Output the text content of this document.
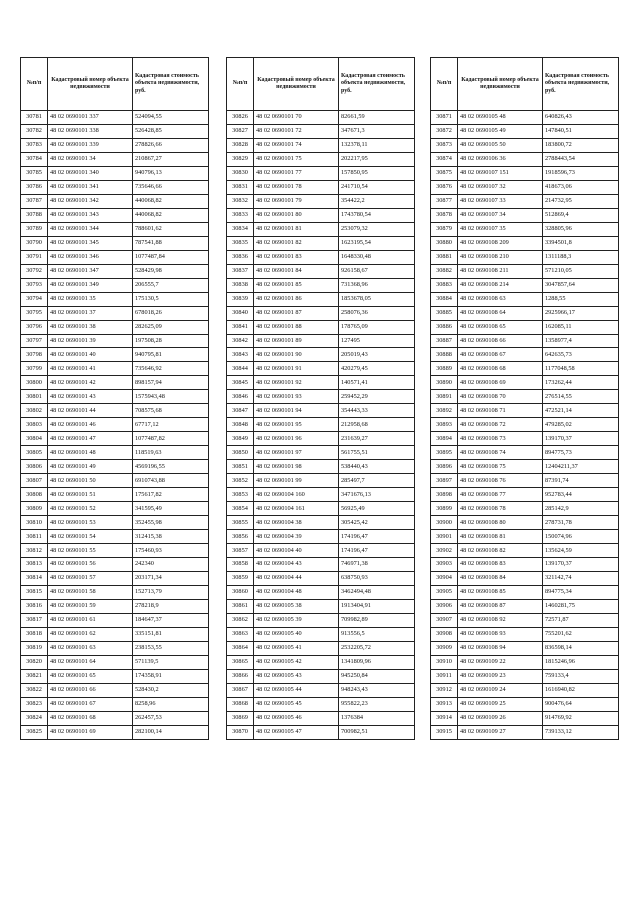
№п/п	Кадастровый номер объекта недвижимости	Кадастровая стоимость объекта недвижимости, руб.
30781	48 02 0690101 337	524094,55
30782	48 02 0690101 338	526428,85
30783	48 02 0690101 339	278826,66
30784	48 02 0690101 34	210867,27
30785	48 02 0690101 340	940796,13
30786	48 02 0690101 341	735646,66
30787	48 02 0690101 342	440068,82
30788	48 02 0690101 343	440068,82
30789	48 02 0690101 344	788601,62
30790	48 02 0690101 345	787541,88
30791	48 02 0690101 346	1077487,84
30792	48 02 0690101 347	528429,98
30793	48 02 0690101 349	206555,7
30794	48 02 0690101 35	175130,5
30795	48 02 0690101 37	678018,26
30796	48 02 0690101 38	282625,09
30797	48 02 0690101 39	197508,28
30798	48 02 0690101 40	940795,81
30799	48 02 0690101 41	735646,92
30800	48 02 0690101 42	898157,94
30801	48 02 0690101 43	1575943,48
30802	48 02 0690101 44	708575,68
30803	48 02 0690101 46	67717,12
30804	48 02 0690101 47	1077487,82
30805	48 02 0690101 48	118519,63
30806	48 02 0690101 49	4569196,55
30807	48 02 0690101 50	6910743,88
30808	48 02 0690101 51	175617,82
30809	48 02 0690101 52	341595,49
30810	48 02 0690101 53	352455,98
30811	48 02 0690101 54	312415,38
30812	48 02 0690101 55	175460,93
30813	48 02 0690101 56	242340
30814	48 02 0690101 57	203171,34
30815	48 02 0690101 58	152713,79
30816	48 02 0690101 59	278218,9
30817	48 02 0690101 61	184647,37
30818	48 02 0690101 62	335151,81
30819	48 02 0690101 63	238153,55
30820	48 02 0690101 64	571139,5
30821	48 02 0690101 65	174358,91
30822	48 02 0690101 66	528430,2
30823	48 02 0690101 67	8258,96
30824	48 02 0690101 68	262457,53
30825	48 02 0690101 69	282100,14
№п/п	Кадастровый номер объекта недвижимости	Кадастровая стоимость объекта недвижимости, руб.
30826	48 02 0690101 70	82661,59
30827	48 02 0690101 72	347671,3
30828	48 02 0690101 74	132378,11
30829	48 02 0690101 75	202217,95
30830	48 02 0690101 77	157850,95
30831	48 02 0690101 78	241710,54
30832	48 02 0690101 79	354422,2
30833	48 02 0690101 80	1743780,54
30834	48 02 0690101 81	253079,32
30835	48 02 0690101 82	1623195,54
30836	48 02 0690101 83	1648330,48
30837	48 02 0690101 84	926158,67
30838	48 02 0690101 85	731368,96
30839	48 02 0690101 86	1853678,05
30840	48 02 0690101 87	258076,36
30841	48 02 0690101 88	178765,09
30842	48 02 0690101 89	127495
30843	48 02 0690101 90	205019,43
30844	48 02 0690101 91	420279,45
30845	48 02 0690101 92	140571,41
30846	48 02 0690101 93	259452,29
30847	48 02 0690101 94	354443,33
30848	48 02 0690101 95	212958,68
30849	48 02 0690101 96	231639,27
30850	48 02 0690101 97	561755,51
30851	48 02 0690101 98	538440,43
30852	48 02 0690101 99	285497,7
30853	48 02 0690104 160	3471676,13
30854	48 02 0690104 161	56925,49
30855	48 02 0690104 38	305425,42
30856	48 02 0690104 39	174196,47
30857	48 02 0690104 40	174196,47
30858	48 02 0690104 43	746971,38
30859	48 02 0690104 44	638750,93
30860	48 02 0690104 48	3462494,48
30861	48 02 0690105 38	1913404,91
30862	48 02 0690105 39	709982,89
30863	48 02 0690105 40	913556,5
30864	48 02 0690105 41	2532205,72
30865	48 02 0690105 42	1341809,96
30866	48 02 0690105 43	945250,84
30867	48 02 0690105 44	948243,43
30868	48 02 0690105 45	955822,23
30869	48 02 0690105 46	1376384
30870	48 02 0690105 47	700982,51
№п/п	Кадастровый номер объекта недвижимости	Кадастровая стоимость объекта недвижимости, руб.
30871	48 02 0690105 48	640826,43
30872	48 02 0690105 49	147840,51
30873	48 02 0690105 50	183800,72
30874	48 02 0690106 36	2788443,54
30875	48 02 0690107 151	1918596,73
30876	48 02 0690107 32	418673,06
30877	48 02 0690107 33	214732,95
30878	48 02 0690107 34	512869,4
30879	48 02 0690107 35	328805,96
30880	48 02 0690108 209	3394501,8
30881	48 02 0690108 210	1311188,3
30882	48 02 0690108 211	571210,05
30883	48 02 0690108 214	3047857,64
30884	48 02 0690108 63	1288,55
30885	48 02 0690108 64	2925966,17
30886	48 02 0690108 65	162085,11
30887	48 02 0690108 66	1358977,4
30888	48 02 0690108 67	642635,73
30889	48 02 0690108 68	1177048,58
30890	48 02 0690108 69	173262,44
30891	48 02 0690108 70	276514,55
30892	48 02 0690108 71	472521,14
30893	48 02 0690108 72	479285,02
30894	48 02 0690108 73	139170,37
30895	48 02 0690108 74	894775,73
30896	48 02 0690108 75	12404211,37
30897	48 02 0690108 76	87391,74
30898	48 02 0690108 77	952783,44
30899	48 02 0690108 78	285142,9
30900	48 02 0690108 80	278731,78
30901	48 02 0690108 81	150074,96
30902	48 02 0690108 82	135624,59
30903	48 02 0690108 83	139170,37
30904	48 02 0690108 84	321142,74
30905	48 02 0690108 85	894775,34
30906	48 02 0690108 87	1460281,75
30907	48 02 0690108 92	72571,87
30908	48 02 0690108 93	755201,62
30909	48 02 0690108 94	836598,14
30910	48 02 0690109 22	1815246,96
30911	48 02 0690109 23	759133,4
30912	48 02 0690109 24	1616940,82
30913	48 02 0690109 25	900476,64
30914	48 02 0690109 26	914769,92
30915	48 02 0690109 27	739133,12
